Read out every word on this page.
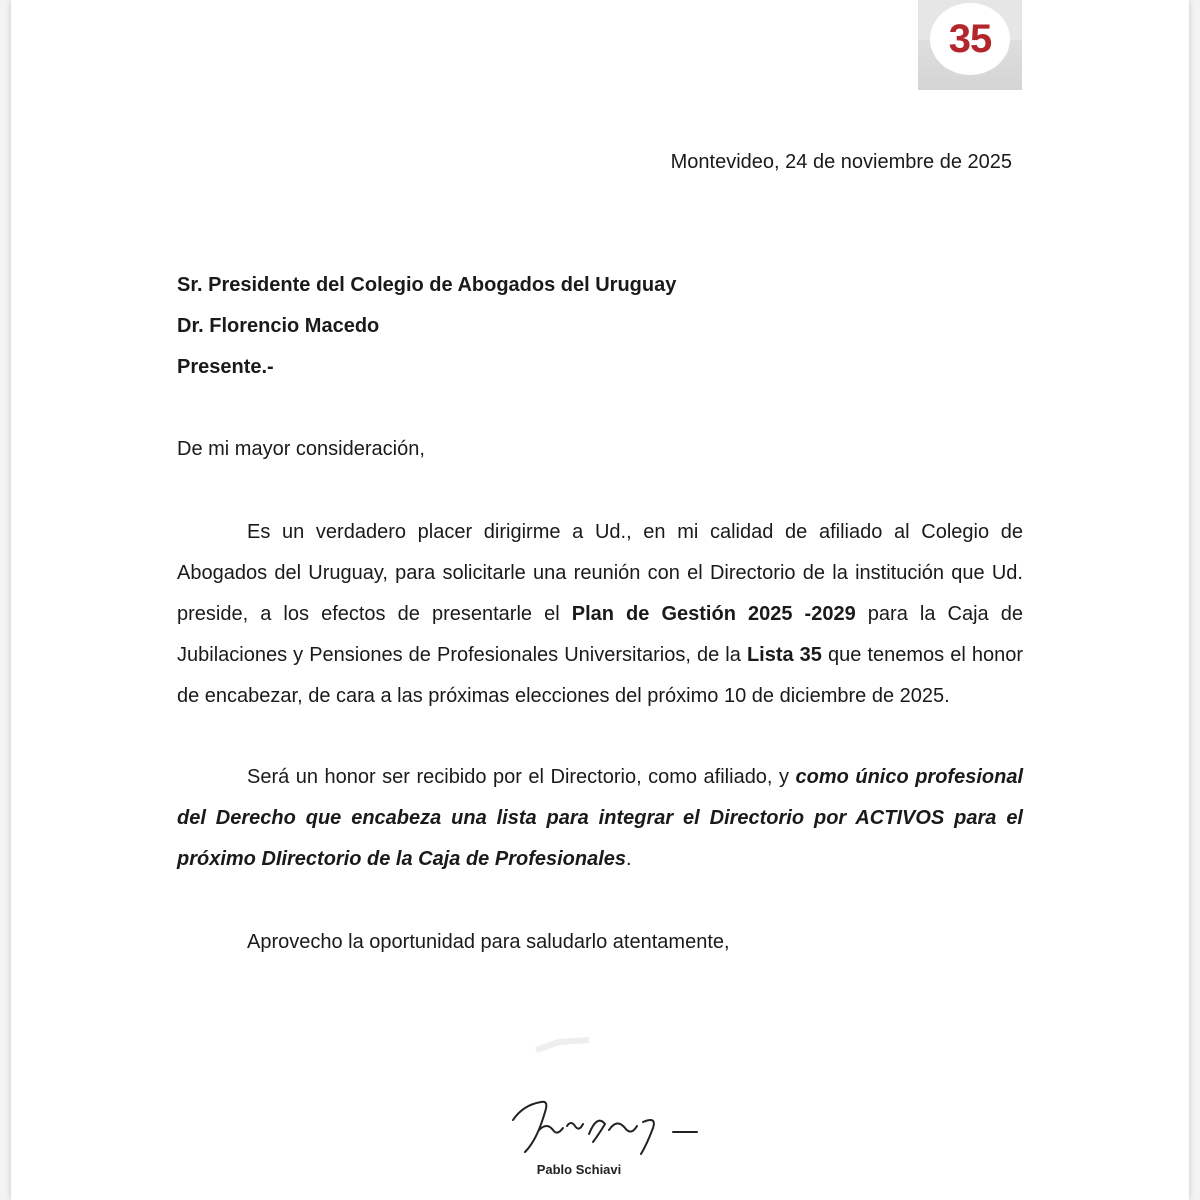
35
Montevideo, 24 de noviembre de 2025
Sr. Presidente del Colegio de Abogados del Uruguay
Dr. Florencio Macedo
Presente.-
De mi mayor consideración,

Es un verdadero placer dirigirme a Ud., en mi calidad de afiliado al Colegio de Abogados del Uruguay, para solicitarle una reunión con el Directorio de la institución que Ud. preside, a los efectos de presentarle el Plan de Gestión 2025 -2029 para la Caja de Jubilaciones y Pensiones de Profesionales Universitarios, de la Lista 35 que tenemos el honor de encabezar, de cara a las próximas elecciones del próximo 10 de diciembre de 2025.

Será un honor ser recibido por el Directorio, como afiliado, y como único profesional del Derecho que encabeza una lista para integrar el Directorio por ACTIVOS para el próximo DIirectorio de la Caja de Profesionales.

Aprovecho la oportunidad para saludarlo atentamente,

Pablo Schiavi
